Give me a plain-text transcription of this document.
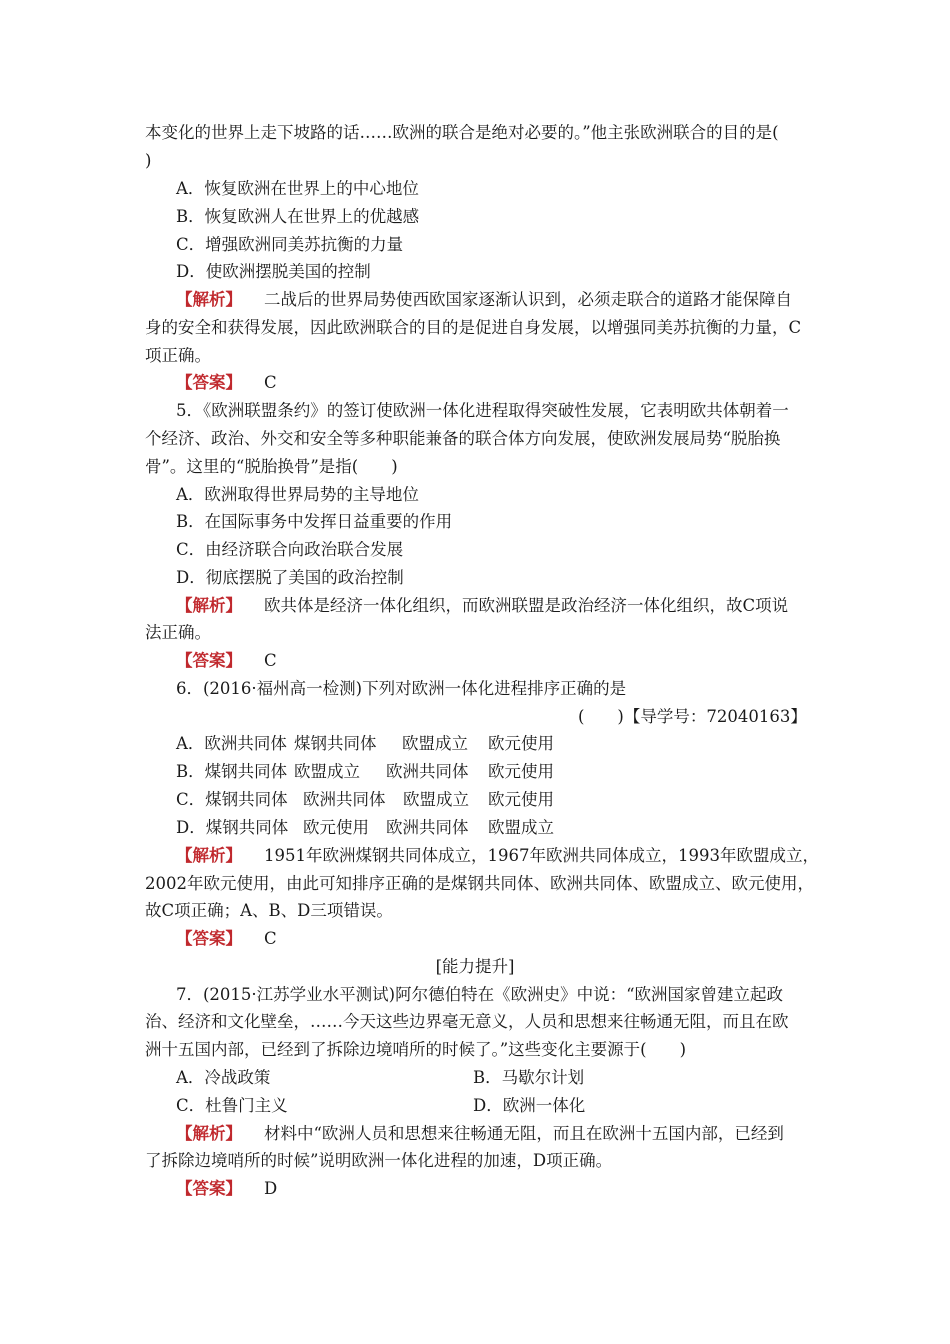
本变化的世界上走下坡路的话……欧洲的联合是绝对必要的。”他主张欧洲联合的目的是(
)
A．恢复欧洲在世界上的中心地位
B．恢复欧洲人在世界上的优越感
C．增强欧洲同美苏抗衡的力量
D．使欧洲摆脱美国的控制
【解析】 二战后的世界局势使西欧国家逐渐认识到，必须走联合的道路才能保障自
身的安全和获得发展，因此欧洲联合的目的是促进自身发展，以增强同美苏抗衡的力量，C
项正确。
【答案】 C
5．《欧洲联盟条约》的签订使欧洲一体化进程取得突破性发展，它表明欧共体朝着一
个经济、政治、外交和安全等多种职能兼备的联合体方向发展，使欧洲发展局势“脱胎换
骨”。这里的“脱胎换骨”是指(　　)
A．欧洲取得世界局势的主导地位
B．在国际事务中发挥日益重要的作用
C．由经济联合向政治联合发展
D．彻底摆脱了美国的政治控制
【解析】 欧共体是经济一体化组织，而欧洲联盟是政治经济一体化组织，故C项说
法正确。
【答案】 C
6．(2016·福州高一检测)下列对欧洲一体化进程排序正确的是
(　　)【导学号：72040163】
A．欧洲共同体 煤钢共同体 欧盟成立 欧元使用
B．煤钢共同体 欧盟成立 欧洲共同体 欧元使用
C．煤钢共同体 欧洲共同体 欧盟成立 欧元使用
D．煤钢共同体 欧元使用 欧洲共同体 欧盟成立
【解析】 1951年欧洲煤钢共同体成立，1967年欧洲共同体成立，1993年欧盟成立，
2002年欧元使用，由此可知排序正确的是煤钢共同体、欧洲共同体、欧盟成立、欧元使用，
故C项正确；A、B、D三项错误。
【答案】 C
[能力提升]
7．(2015·江苏学业水平测试)阿尔德伯特在《欧洲史》中说：“欧洲国家曾建立起政
治、经济和文化壁垒，……今天这些边界毫无意义，人员和思想来往畅通无阻，而且在欧
洲十五国内部，已经到了拆除边境哨所的时候了。”这些变化主要源于(　　)
A．冷战政策	B．马歇尔计划
C．杜鲁门主义	D．欧洲一体化
【解析】 材料中“欧洲人员和思想来往畅通无阻，而且在欧洲十五国内部，已经到
了拆除边境哨所的时候”说明欧洲一体化进程的加速，D项正确。
【答案】 D
